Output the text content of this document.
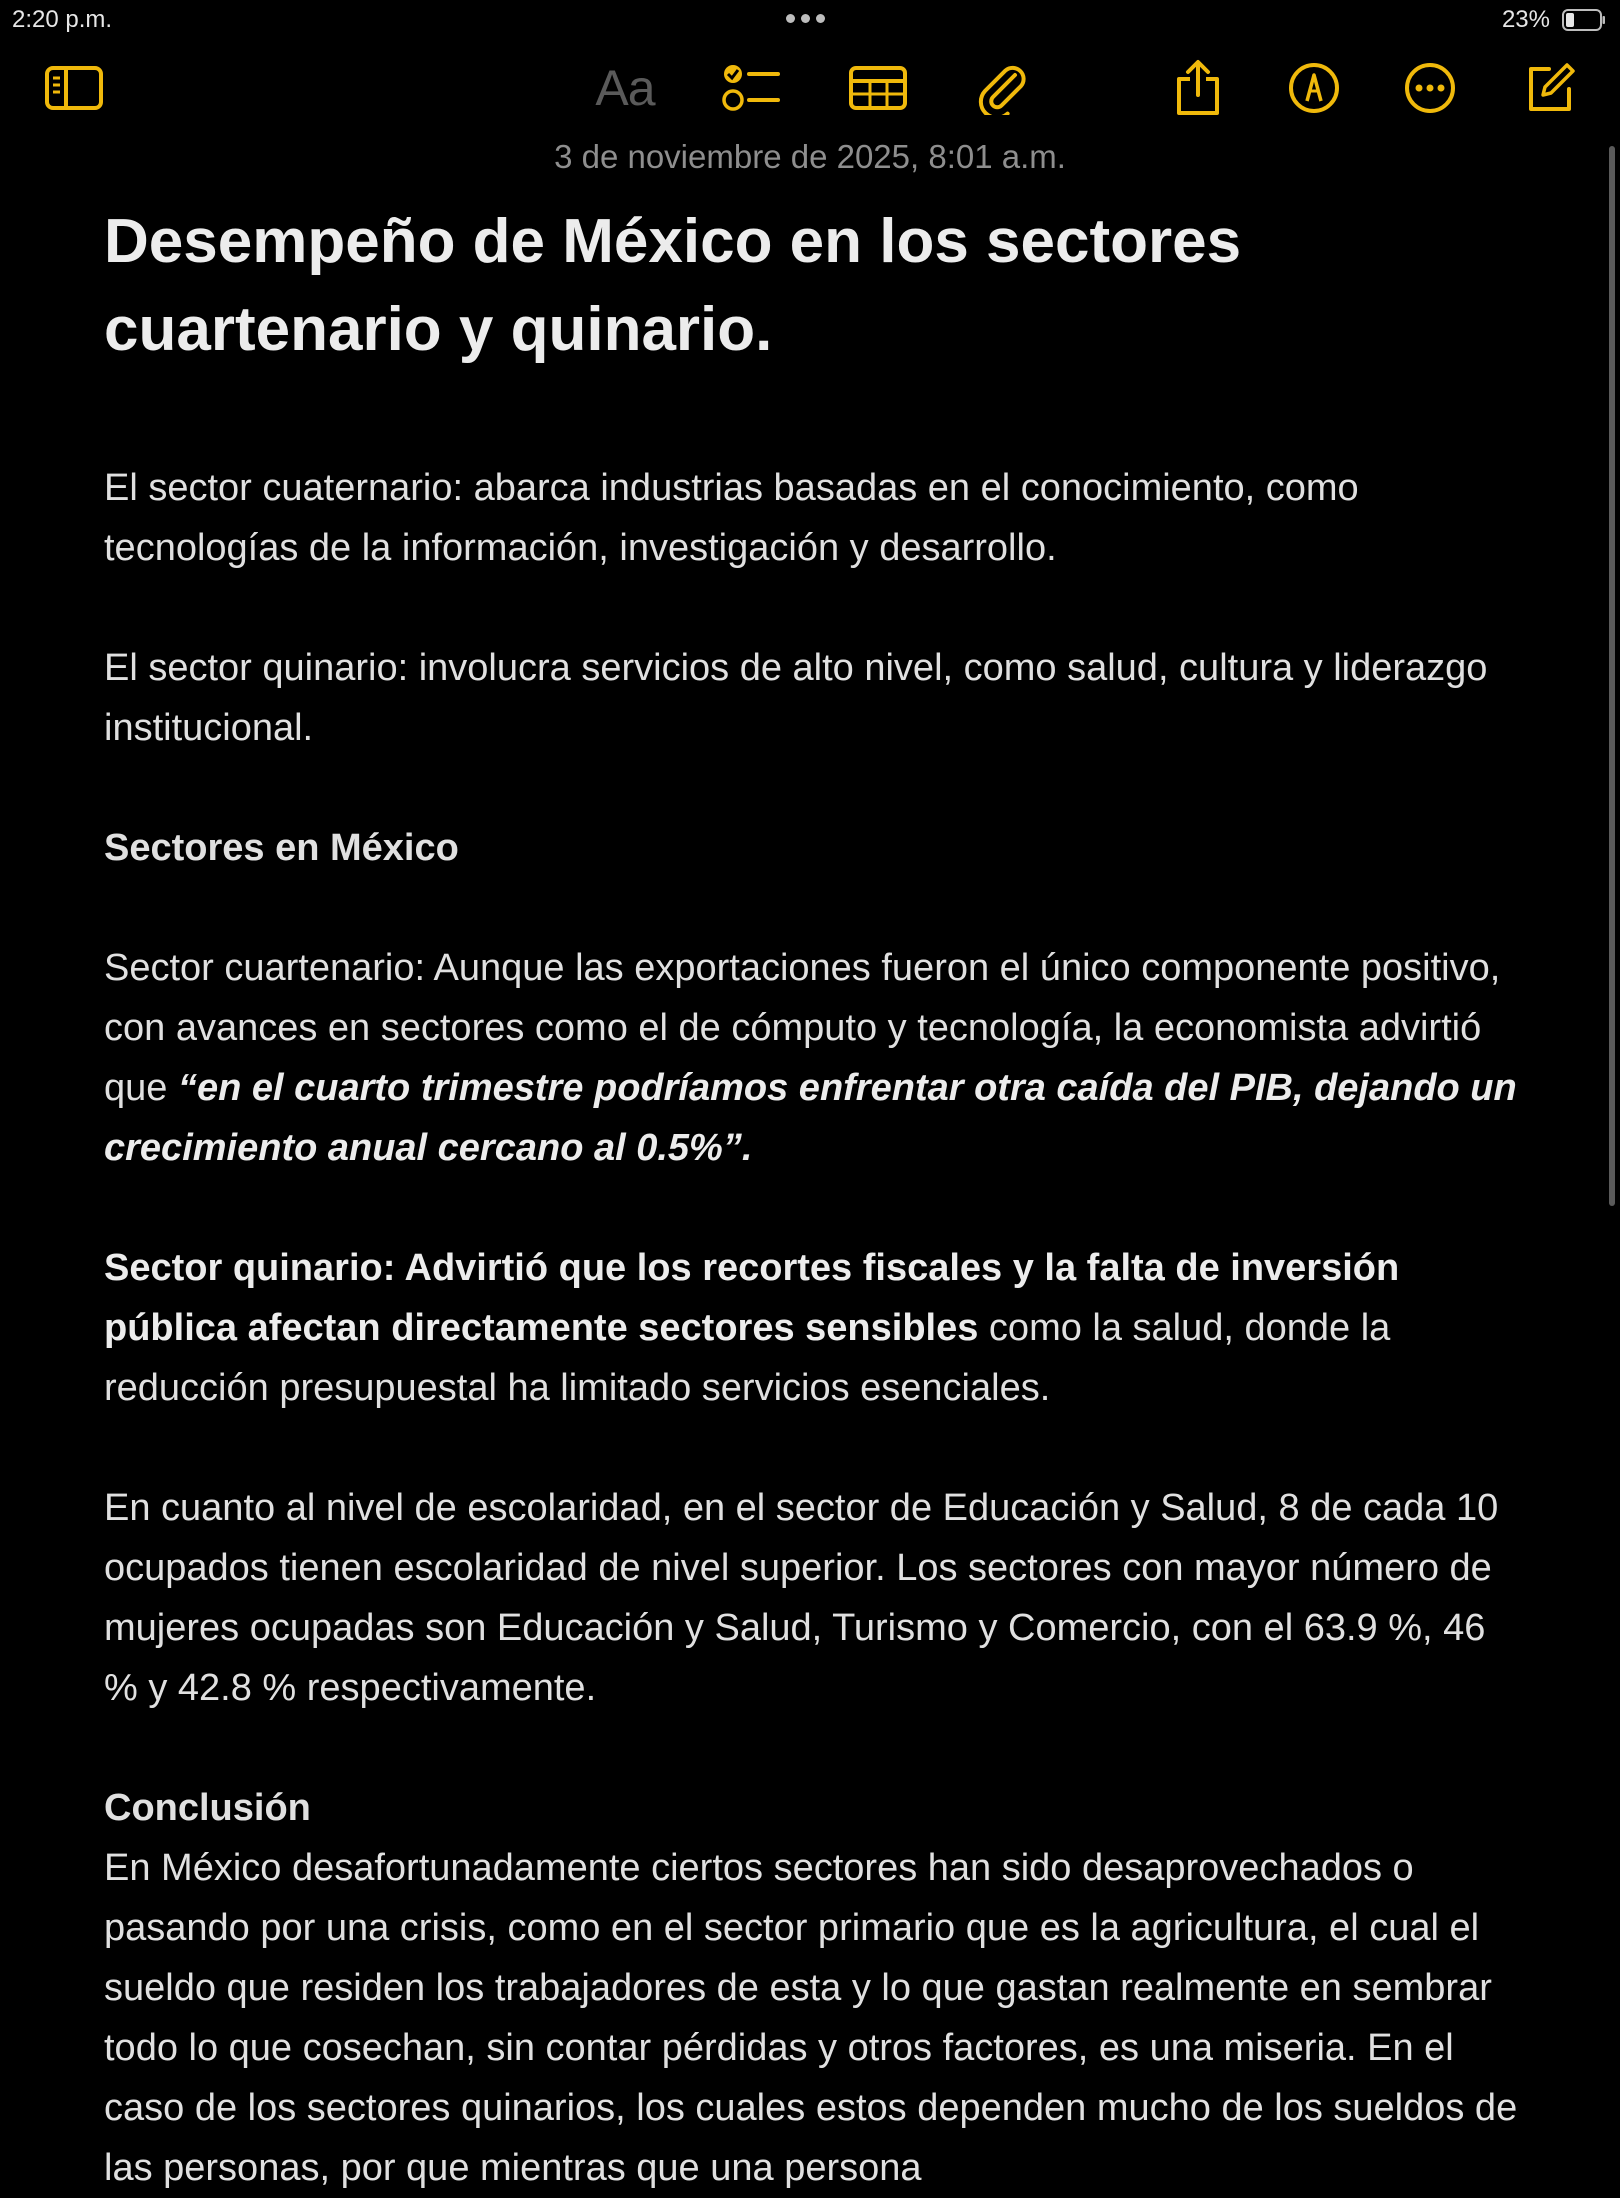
2:20 p.m.	23%
Aa
3 de noviembre de 2025, 8:01 a.m.
Desempeño de México en los sectores
cuartenario y quinario.

El sector cuaternario: abarca industrias basadas en el conocimiento, como tecnologías de la información, investigación y desarrollo.

El sector quinario: involucra servicios de alto nivel, como salud, cultura y liderazgo institucional.

Sectores en México

Sector cuartenario: Aunque las exportaciones fueron el único componente positivo, con avances en sectores como el de cómputo y tecnología, la economista advirtió que “en el cuarto trimestre podríamos enfrentar otra caída del PIB, dejando un crecimiento anual cercano al 0.5%”.

Sector quinario: Advirtió que los recortes fiscales y la falta de inversión pública afectan directamente sectores sensibles como la salud, donde la reducción presupuestal ha limitado servicios esenciales.

En cuanto al nivel de escolaridad, en el sector de Educación y Salud, 8 de cada 10 ocupados tienen escolaridad de nivel superior. Los sectores con mayor número de mujeres ocupadas son Educación y Salud, Turismo y Comercio, con el 63.9 %, 46 % y 42.8 % respectivamente.

Conclusión

En México desafortunadamente ciertos sectores han sido desaprovechados o pasando por una crisis, como en el sector primario que es la agricultura, el cual el sueldo que residen los trabajadores de esta y lo que gastan realmente en sembrar todo lo que cosechan, sin contar pérdidas y otros factores, es una miseria. En el caso de los sectores quinarios, los cuales estos dependen mucho de los sueldos de las personas, por que mientras que una persona
